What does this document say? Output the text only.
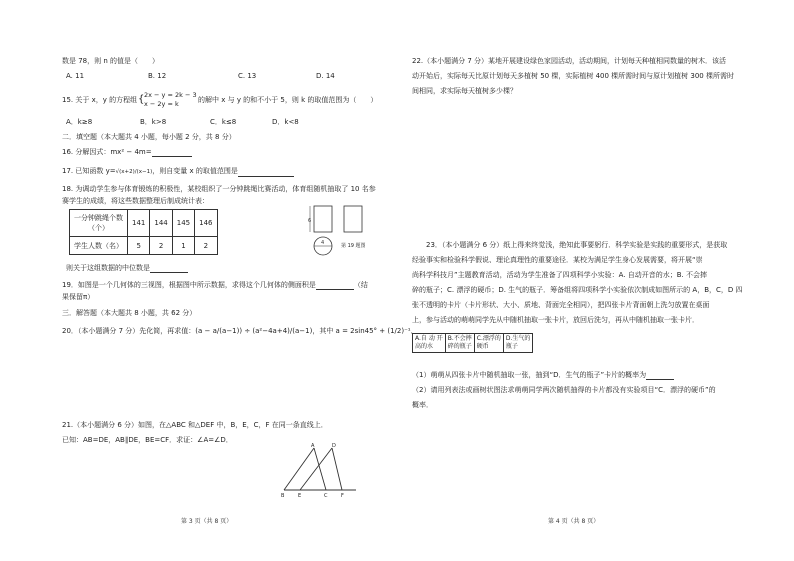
数是 78，则 n 的值是（　　）
A. 11	B. 12	C. 13	D. 14
15. 关于 x，y 的方程组 { 2x − y = 2k − 3
x − 2y = k	的解中 x 与 y 的和不小于 5，则 k 的取值范围为（　　）
A．k≥8	B．k>8	C．k≤8	D．k<8
二．填空题（本大题共 4 小题，每小题 2 分，共 8 分）
16. 分解因式：mx² − 4m=
17. 已知函数 y=√(x+2)/(x−1)，则自变量 x 的取值范围是
18. 为调动学生参与体育锻炼的积极性，某校组织了一分钟跳绳比赛活动，体育组随机抽取了 10 名参
赛学生的成绩，将这些数据整理后制成统计表：
一分钟跳绳个数
（个）	141	144	145	146
学生人数（名）	5	2	1	2
6
4	第 19 题图
则关于这组数据的中位数是
19．如图是一个几何体的三视图，根据图中所示数据，求得这个几何体的侧面积是	（结
果保留π）
三．解答题（本大题共 8 小题，共 62 分）
20．（本小题满分 7 分）先化简，再求值：(a − a/(a−1)) ÷ (a²−4a+4)/(a−1)，其中 a = 2sin45° + (1/2)⁻¹．
21.（本小题满分 6 分）如图，在△ABC 和△DEF 中，B，E，C，F 在同一条直线上．
已知：AB=DE，AB∥DE，BE=CF．求证：∠A=∠D．
A	D
B	E	C	F
第 3 页（共 8 页）
22.（本小题满分 7 分）某地开展建设绿色家园活动，活动期间，计划每天种植相同数量的树木．该活
动开始后，实际每天比原计划每天多植树 50 棵，实际植树 400 棵所需时间与原计划植树 300 棵所需时
间相同，求实际每天植树多少棵？
23．（本小题满分 6 分）纸上得来终觉浅，绝知此事要躬行．科学实验是实践的重要形式，是获取
经验事实和检验科学假说、理论真理性的重要途径．某校为满足学生身心发展需要，将开展“崇
尚科学科技月”主题教育活动，活动为学生准备了四项科学小实验：A. 自动开音的水；B. 不会摔
碎的瓶子；C. 漂浮的硬币；D. 生气的瓶子．筹备组将四项科学小实验依次制成如图所示的 A，B，C，D 四
张不透明的卡片（卡片形状、大小、质地、背面完全相同），把四张卡片背面朝上洗匀放置在桌面
上，参与活动的萌萌同学先从中随机抽取一张卡片，放回后洗匀，再从中随机抽取一张卡片．
A.自 动 开
高的水	B.不会摔
碎的瓶子	C.漂浮的
硬币	D.生气的
瓶子
（1）萌萌从四张卡片中随机抽取一张，抽到“D．生气的瓶子”卡片的概率为
（2）请用列表法或画树状图法求萌萌同学两次随机抽得的卡片都没有实验项目“C．漂浮的硬币”的
概率．
第 4 页（共 8 页）
